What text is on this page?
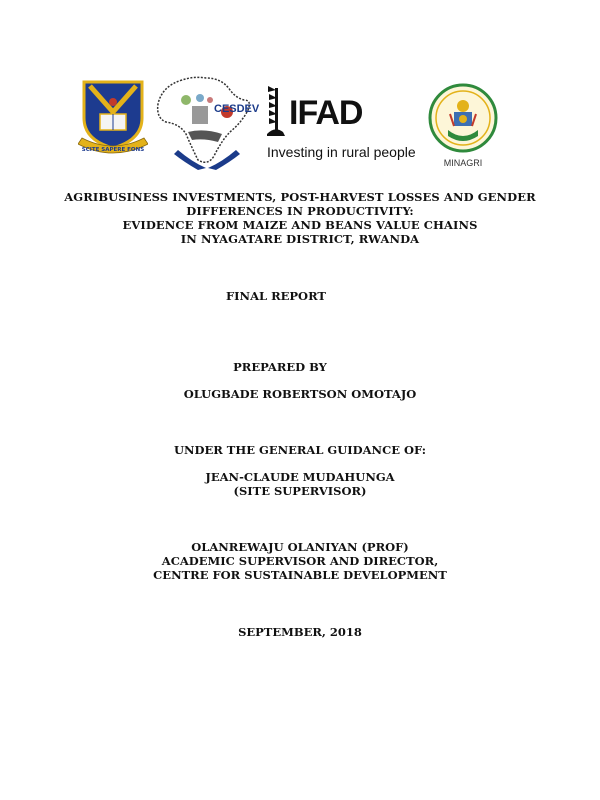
SCITE SAPERE FONS
CESDEV IFAD
Investing in rural people
MINAGRI
AGRIBUSINESS INVESTMENTS, POST-HARVEST LOSSES AND GENDER
DIFFERENCES IN PRODUCTIVITY:
EVIDENCE FROM MAIZE AND BEANS VALUE CHAINS
IN NYAGATARE DISTRICT, RWANDA
FINAL REPORT
PREPARED BY
OLUGBADE ROBERTSON OMOTAJO
UNDER THE GENERAL GUIDANCE OF:
JEAN-CLAUDE MUDAHUNGA
(SITE SUPERVISOR)
OLANREWAJU OLANIYAN (PROF)
ACADEMIC SUPERVISOR AND DIRECTOR,
CENTRE FOR SUSTAINABLE DEVELOPMENT
SEPTEMBER, 2018
